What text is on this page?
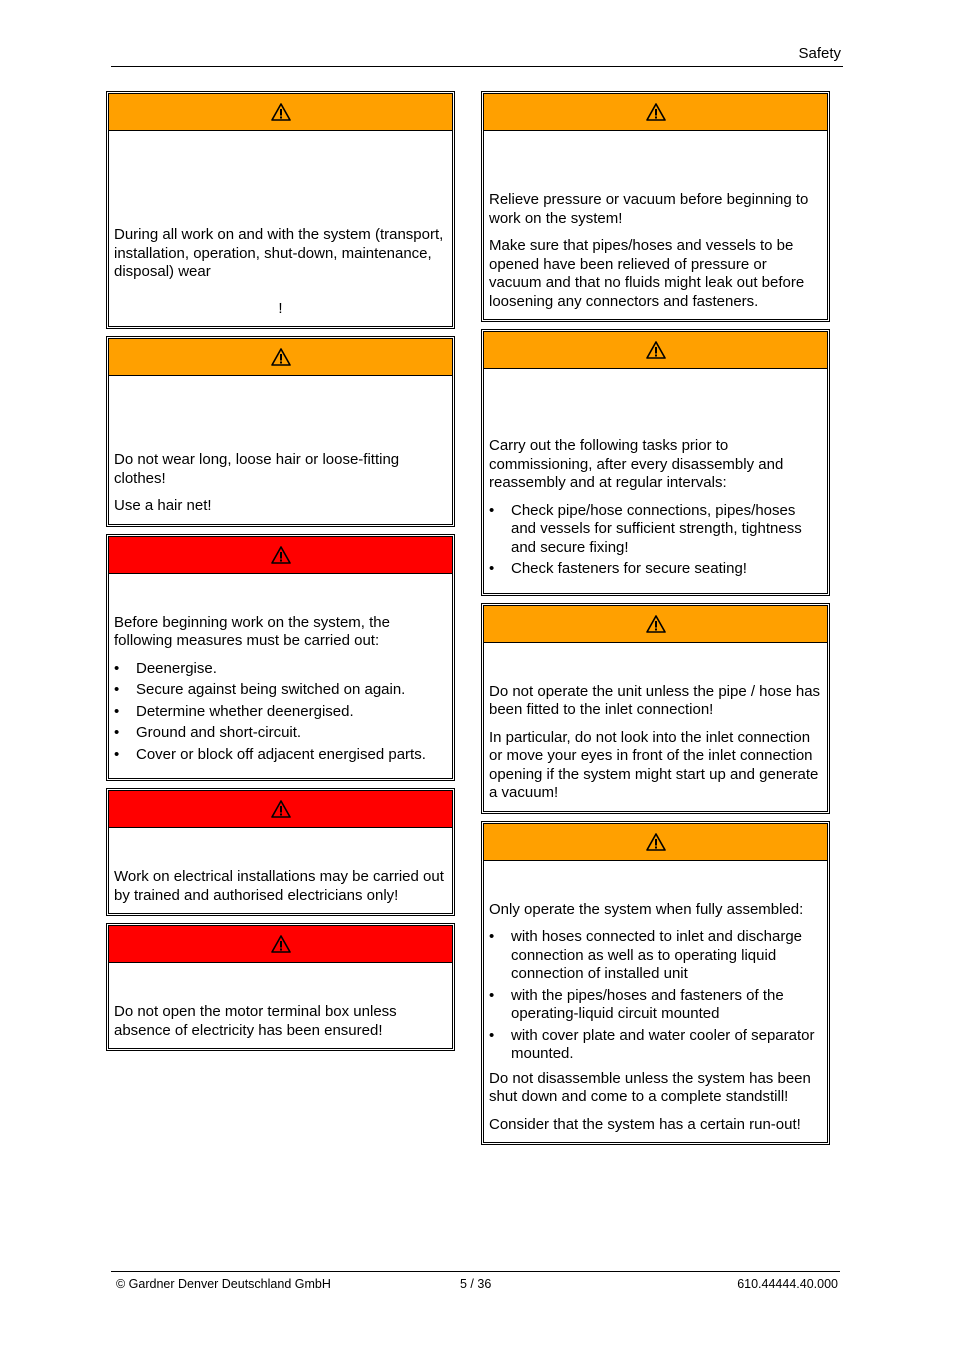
Safety

During all work on and with the system (transport, installation, operation, shut-down, maintenance, disposal) wear

!

Do not wear long, loose hair or loose-fitting clothes!

Use a hair net!

Before beginning work on the system, the following measures must be carried out:

• Deenergise.
• Secure against being switched on again.
• Determine whether deenergised.
• Ground and short-circuit.
• Cover or block off adjacent energised parts.

Work on electrical installations may be carried out by trained and authorised electricians only!

Do not open the motor terminal box unless absence of electricity has been ensured!

Relieve pressure or vacuum before beginning to work on the system!

Make sure that pipes/hoses and vessels to be opened have been relieved of pressure or vacuum and that no fluids might leak out before loosening any connectors and fasteners.

Carry out the following tasks prior to commissioning, after every disassembly and reassembly and at regular intervals:

• Check pipe/hose connections, pipes/hoses and vessels for sufficient strength, tightness and secure fixing!
• Check fasteners for secure seating!

Do not operate the unit unless the pipe / hose has been fitted to the inlet connection!

In particular, do not look into the inlet connection or move your eyes in front of the inlet connection opening if the system might start up and generate a vacuum!

Only operate the system when fully assembled:

• with hoses connected to inlet and discharge connection as well as to operating liquid connection of installed unit
• with the pipes/hoses and fasteners of the operating-liquid circuit mounted
• with cover plate and water cooler of separator mounted.

Do not disassemble unless the system has been shut down and come to a complete standstill!

Consider that the system has a certain run-out!

© Gardner Denver Deutschland GmbH	5 / 36	610.44444.40.000
